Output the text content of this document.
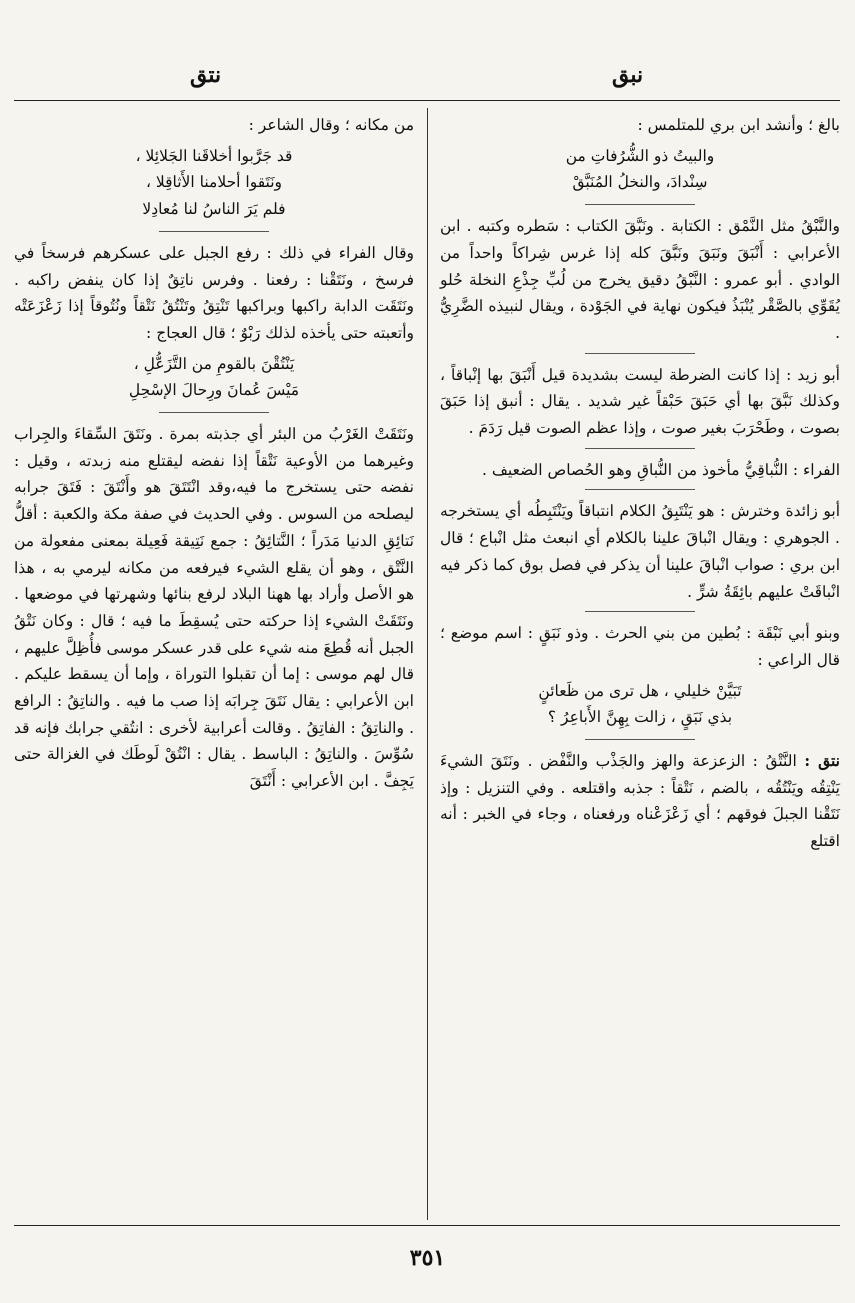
نبق
نتق

بالغ ؛ وأنشد ابن بري للمتلمس :

والبيتُ ذو الشُّرُفاتِ من
سِنْدادَ، والنخلُ المُنَبَّقْ

والنَّبْقُ مثل النَّمْق : الكتابة . ونَبَّقَ الكتاب : سَطره وكتبه . ابن الأعرابي : أَنْبَقَ ونَبَقَ ونَبَّقَ كله إذا غرس شِراكاً واحداً من الوادي . أبو عمرو : النَّبْقُ دقيق يخرج من لُبِّ جِذْعِ النخلة حُلو يُقَوِّي بالصَّقْر يُنْبَذُ فيكون نهاية في الجَوْدة ، ويقال لنبيذه الضَّرِيُّ .

أبو زيد : إذا كانت الضرطة ليست بشديدة قيل أَنْبَقَ بها إنْباقاً ، وكذلك نَبَّقَ بها أي حَبَقَ حَبْقاً غير شديد . يقال : أنبق إذا حَبَقَ بصوت ، وطَحْرَبَ بغير صوت ، وإذا عظم الصوت قيل رَدَمَ .

الفراء : النُّباقِيُّ مأخوذ من النُّباقِ وهو الحُصاص الضعيف .

أبو زائدة وخترش : هو يَنْتَبِقُ الكلام انتباقاً ويَنْتَبِطُه أي يستخرجه . الجوهري : ويقال انْباقَ علينا بالكلام أي انبعث مثل انْباع ؛ قال ابن بري : صواب انْباقَ علينا أن يذكر في فصل بوق كما ذكر فيه انْباقَتْ عليهم بائِقَةُ شرٍّ .

وبنو أبي نَبْقَة : بُطين من بني الحرث . وذو نَبَقٍ : اسم موضع ؛ قال الراعي :

تَبَيَّنْ خليلي ، هل ترى من ظَعائنٍ
بذي نَبَقٍ ، زالت بِهِنَّ الأَباعِرُ ؟

نتق : النَّتْقُ : الزعزعة والهز والجَذْب والنَّفْض . ونَتَقَ الشيءَ يَنْتِقُه ويَنْتُقُه ، بالضم ، نَتْقاً : جذبه واقتلعه . وفي التنزيل : وإذ نَتَقْنا الجبلَ فوقهم ؛ أي زَعْزَعْناه ورفعناه ، وجاء في الخبر : أنه اقتلع

من مكانه ؛ وقال الشاعر :

قد جَرَّبوا أخلاقَنا الجَلائِلا ،
ونَتَقوا أحلامنا الأَثاقِلا ،
فلم يَرَ الناسُ لنا مُعادِلا

وقال الفراء في ذلك : رفع الجبل على عسكرهم فرسخاً في فرسخ ، ونَتَقْنا : رفعنا . وفرس ناتِقٌ إذا كان ينفض راكبه . ونَتَقَت الدابة راكبها وبراكبها تَنْتِقُ وتَنْتُقُ نَتْقاً ونُتُوقاً إذا زَعْزَعَتْه وأتعبته حتى يأخذه لذلك رَبْوٌ ؛ قال العجاج :

يَنْتُقْنَ بالقومِ من التَّزَعُّلِ ،
مَيْسَ عُمانَ ورِحالَ الإسْحِلِ

ونَتَقَتْ الغَرْبُ من البئر أي جذبته بمرة . ونَتَقَ السِّقاءَ والجِراب وغيرهما من الأوعية نَتْقاً إذا نفضه ليقتلع منه زبدته ، وقيل : نفضه حتى يستخرج ما فيه،وقد انْتَتَقَ هو وأَنْتَقَ : فَتَقَ جرابه ليصلحه من السوس . وفي الحديث في صفة مكة والكعبة : أقلُّ نَتائِقِ الدنيا مَدَراً ؛ النَّتائِقُ : جمع نَتِيقة فَعِيلة بمعنى مفعولة من النَّتْق ، وهو أن يقلع الشيء فيرفعه من مكانه ليرمي به ، هذا هو الأصل وأراد بها ههنا البلاد لرفع بنائها وشهرتها في موضعها . ونَتَقَتْ الشيء إذا حركته حتى يُسقِطَ ما فيه ؛ قال : وكان نَتْقُ الجبل أنه قُطِعَ منه شيء على قدر عسكر موسى فأُظِلَّ عليهم ، قال لهم موسى : إما أن تقبلوا التوراة ، وإما أن يسقط عليكم . ابن الأعرابي : يقال نَتَقَ جِرابَه إذا صب ما فيه . والناتِقُ : الرافع . والناتِقُ : الفاتِقُ . وقالت أعرابية لأخرى : انتُقي جرابك فإنه قد سُوِّسَ . والناتِقُ : الباسط . يقال : انْتُقْ لَوطَك في الغزالة حتى يَجِفَّ . ابن الأعرابي : أَنْتَقَ

٣٥١
